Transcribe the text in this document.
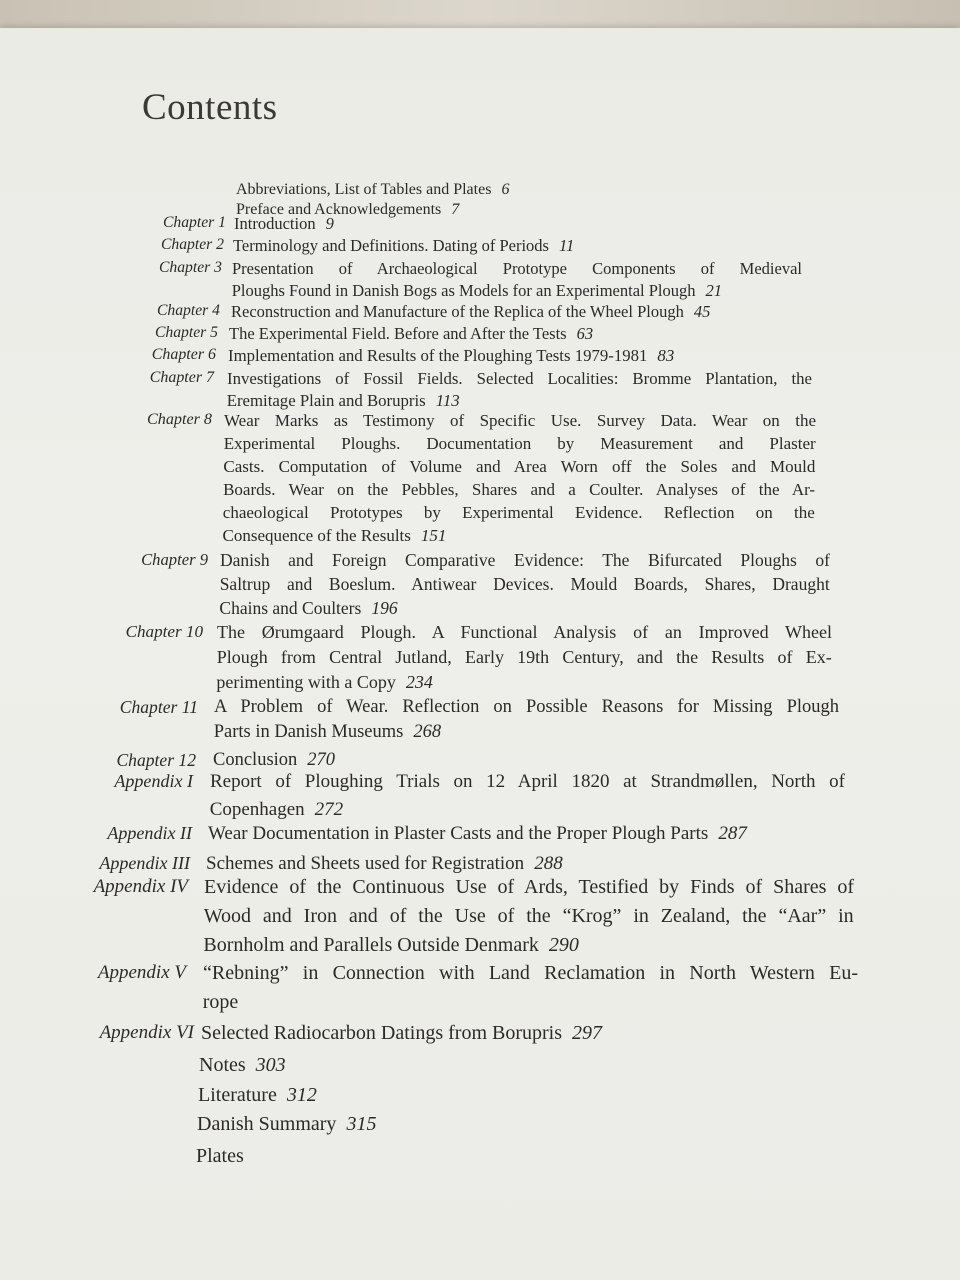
Contents
Abbreviations, List of Tables and Plates 6
Preface and Acknowledgements 7
Chapter 1 Introduction 9
Chapter 2 Terminology and Definitions. Dating of Periods 11
Chapter 3 Presentation of Archaeological Prototype Components of Medieval
Ploughs Found in Danish Bogs as Models for an Experimental Plough 21
Chapter 4 Reconstruction and Manufacture of the Replica of the Wheel Plough 45
Chapter 5 The Experimental Field. Before and After the Tests 63
Chapter 6 Implementation and Results of the Ploughing Tests 1979-1981 83
Chapter 7 Investigations of Fossil Fields. Selected Localities: Bromme Plantation, the
Eremitage Plain and Borupris 113
Chapter 8 Wear Marks as Testimony of Specific Use. Survey Data. Wear on the
Experimental Ploughs. Documentation by Measurement and Plaster
Casts. Computation of Volume and Area Worn off the Soles and Mould
Boards. Wear on the Pebbles, Shares and a Coulter. Analyses of the Ar-
chaeological Prototypes by Experimental Evidence. Reflection on the
Consequence of the Results 151
Chapter 9 Danish and Foreign Comparative Evidence: The Bifurcated Ploughs of
Saltrup and Boeslum. Antiwear Devices. Mould Boards, Shares, Draught
Chains and Coulters 196
Chapter 10 The Ørumgaard Plough. A Functional Analysis of an Improved Wheel
Plough from Central Jutland, Early 19th Century, and the Results of Ex-
perimenting with a Copy 234
Chapter 11 A Problem of Wear. Reflection on Possible Reasons for Missing Plough
Parts in Danish Museums 268
Chapter 12 Conclusion 270
Appendix I Report of Ploughing Trials on 12 April 1820 at Strandmøllen, North of
Copenhagen 272
Appendix II Wear Documentation in Plaster Casts and the Proper Plough Parts 287
Appendix III Schemes and Sheets used for Registration 288
Appendix IV Evidence of the Continuous Use of Ards, Testified by Finds of Shares of
Wood and Iron and of the Use of the “Krog” in Zealand, the “Aar” in
Bornholm and Parallels Outside Denmark 290
Appendix V “Rebning” in Connection with Land Reclamation in North Western Eu-
rope
Appendix VI Selected Radiocarbon Datings from Borupris 297
Notes 303
Literature 312
Danish Summary 315
Plates
